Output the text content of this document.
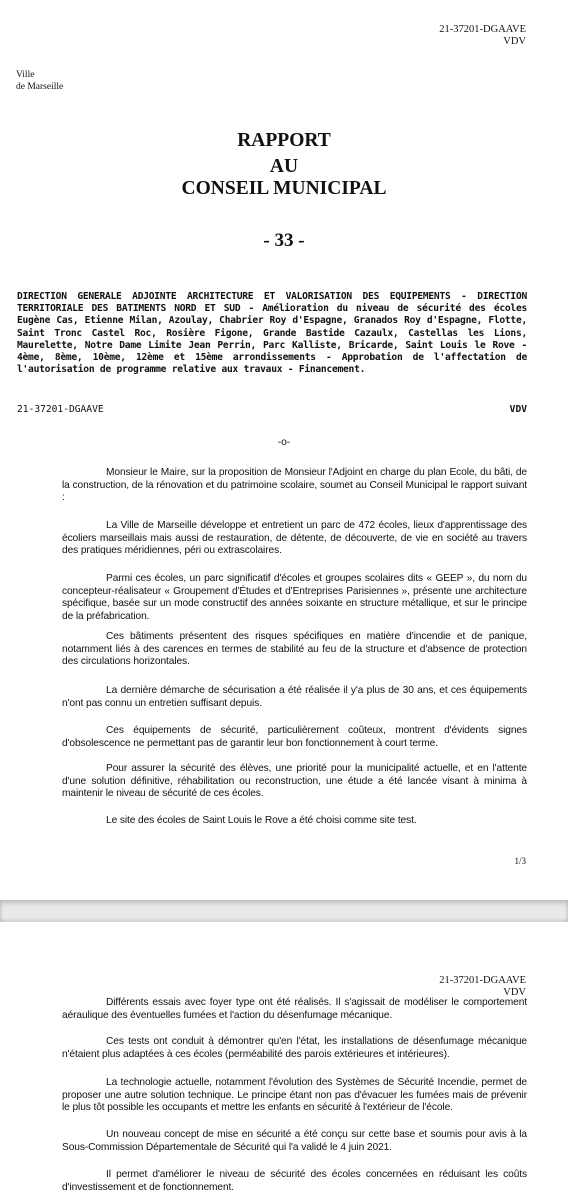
21-37201-DGAAVE
VDV
Ville
de Marseille
RAPPORT
AU
CONSEIL MUNICIPAL
- 33 -
DIRECTION GENERALE ADJOINTE ARCHITECTURE ET VALORISATION DES EQUIPEMENTS - DIRECTION TERRITORIALE DES BATIMENTS NORD ET SUD - Amélioration du niveau de sécurité des écoles Eugène Cas, Etienne Milan, Azoulay, Chabrier Roy d'Espagne, Granados Roy d'Espagne, Flotte, Saint Tronc Castel Roc, Rosière Figone, Grande Bastide Cazaulx, Castellas les Lions, Maurelette, Notre Dame Limite Jean Perrin, Parc Kalliste, Bricarde, Saint Louis le Rove - 4ème, 8ème, 10ème, 12ème et 15ème arrondissements - Approbation de l'affectation de l'autorisation de programme relative aux travaux - Financement.
21-37201-DGAAVE	VDV
-o-

Monsieur le Maire, sur la proposition de Monsieur l'Adjoint en charge du plan Ecole, du bâti, de la construction, de la rénovation et du patrimoine scolaire, soumet au Conseil Municipal le rapport suivant :

La Ville de Marseille développe et entretient un parc de 472 écoles, lieux d'apprentissage des écoliers marseillais mais aussi de restauration, de détente, de découverte, de vie en société au travers des pratiques méridiennes, péri ou extrascolaires.

Parmi ces écoles, un parc significatif d'écoles et groupes scolaires dits « GEEP », du nom du concepteur-réalisateur « Groupement d'Études et d'Entreprises Parisiennes », présente une architecture spécifique, basée sur un mode constructif des années soixante en structure métallique, et sur le principe de la préfabrication.

Ces bâtiments présentent des risques spécifiques en matière d'incendie et de panique, notamment liés à des carences en termes de stabilité au feu de la structure et d'absence de protection des circulations horizontales.

La dernière démarche de sécurisation a été réalisée il y'a plus de 30 ans, et ces équipements n'ont pas connu un entretien suffisant depuis.

Ces équipements de sécurité, particulièrement coûteux, montrent d'évidents signes d'obsolescence ne permettant pas de garantir leur bon fonctionnement à court terme.

Pour assurer la sécurité des élèves, une priorité pour la municipalité actuelle, et en l'attente d'une solution définitive, réhabilitation ou reconstruction, une étude a été lancée visant à minima à maintenir le niveau de sécurité de ces écoles.

Le site des écoles de Saint Louis le Rove a été choisi comme site test.

1/3
21-37201-DGAAVE
VDV

Différents essais avec foyer type ont été réalisés. Il s'agissait de modéliser le comportement aéraulique des éventuelles fumées et l'action du désenfumage mécanique.

Ces tests ont conduit à démontrer qu'en l'état, les installations de désenfumage mécanique n'étaient plus adaptées à ces écoles (perméabilité des parois extérieures et intérieures).

La technologie actuelle, notamment l'évolution des Systèmes de Sécurité Incendie, permet de proposer une autre solution technique. Le principe étant non pas d'évacuer les fumées mais de prévenir le plus tôt possible les occupants et mettre les enfants en sécurité à l'extérieur de l'école.

Un nouveau concept de mise en sécurité a été conçu sur cette base et soumis pour avis à la Sous-Commission Départementale de Sécurité qui l'a validé le 4 juin 2021.

Il permet d'améliorer le niveau de sécurité des écoles concernées en réduisant les coûts d'investissement et de fonctionnement.
